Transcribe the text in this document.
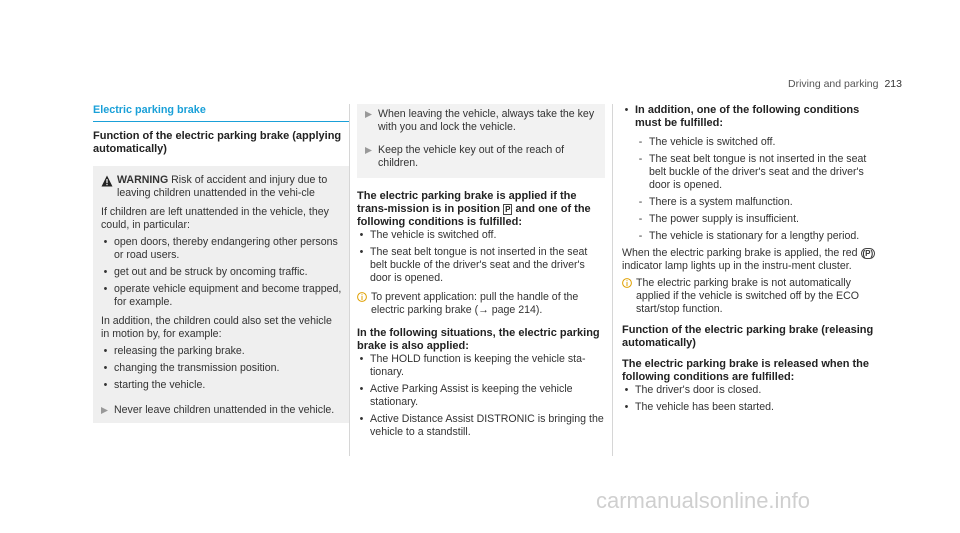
Driving and parking 213
Electric parking brake

Function of the electric parking brake (applying automatically)

WARNING Risk of accident and injury due to leaving children unattended in the vehi-cle

If children are left unattended in the vehicle, they could, in particular:

• open doors, thereby endangering other persons or road users.
• get out and be struck by oncoming traffic.
• operate vehicle equipment and become trapped, for example.

In addition, the children could also set the vehicle in motion by, for example:

• releasing the parking brake.
• changing the transmission position.
• starting the vehicle.
Never leave children unattended in the vehicle.
When leaving the vehicle, always take the key with you and lock the vehicle.
Keep the vehicle key out of the reach of children.

The electric parking brake is applied if the trans-mission is in position P and one of the following conditions is fulfilled:

• The vehicle is switched off.
• The seat belt tongue is not inserted in the seat belt buckle of the driver's seat and the driver's door is opened.
To prevent application: pull the handle of the electric parking brake (→ page 214).

In the following situations, the electric parking brake is also applied:

• The HOLD function is keeping the vehicle sta-tionary.
• Active Parking Assist is keeping the vehicle stationary.
• Active Distance Assist DISTRONIC is bringing the vehicle to a standstill.
• In addition, one of the following conditions must be fulfilled:

- The vehicle is switched off.
- The seat belt tongue is not inserted in the seat belt buckle of the driver's seat and the driver's door is opened.
- There is a system malfunction.
- The power supply is insufficient.
- The vehicle is stationary for a lengthy period.

When the electric parking brake is applied, the red (P) indicator lamp lights up in the instru-ment cluster.

The electric parking brake is not automatically applied if the vehicle is switched off by the ECO start/stop function.

Function of the electric parking brake (releasing automatically)

The electric parking brake is released when the following conditions are fulfilled:

• The driver's door is closed.
• The vehicle has been started.
carmanualsonline.info
